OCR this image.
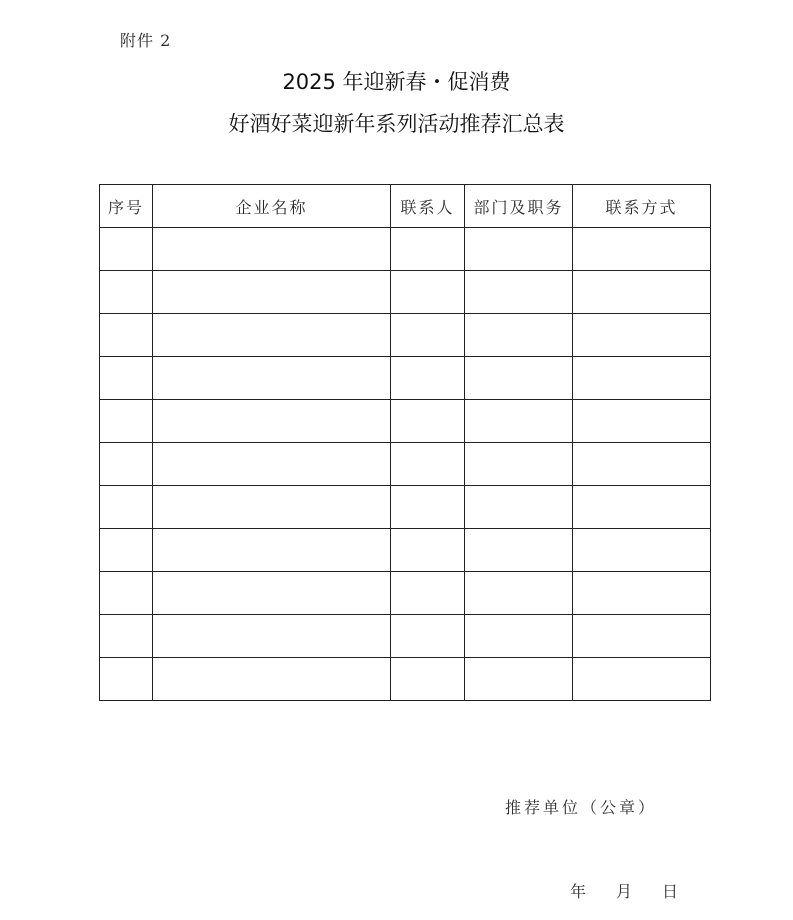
附件 2
2025 年迎新春・促消费
好酒好菜迎新年系列活动推荐汇总表
序号	企业名称	联系人	部门及职务	联系方式

推荐单位（公章）
年 月 日
